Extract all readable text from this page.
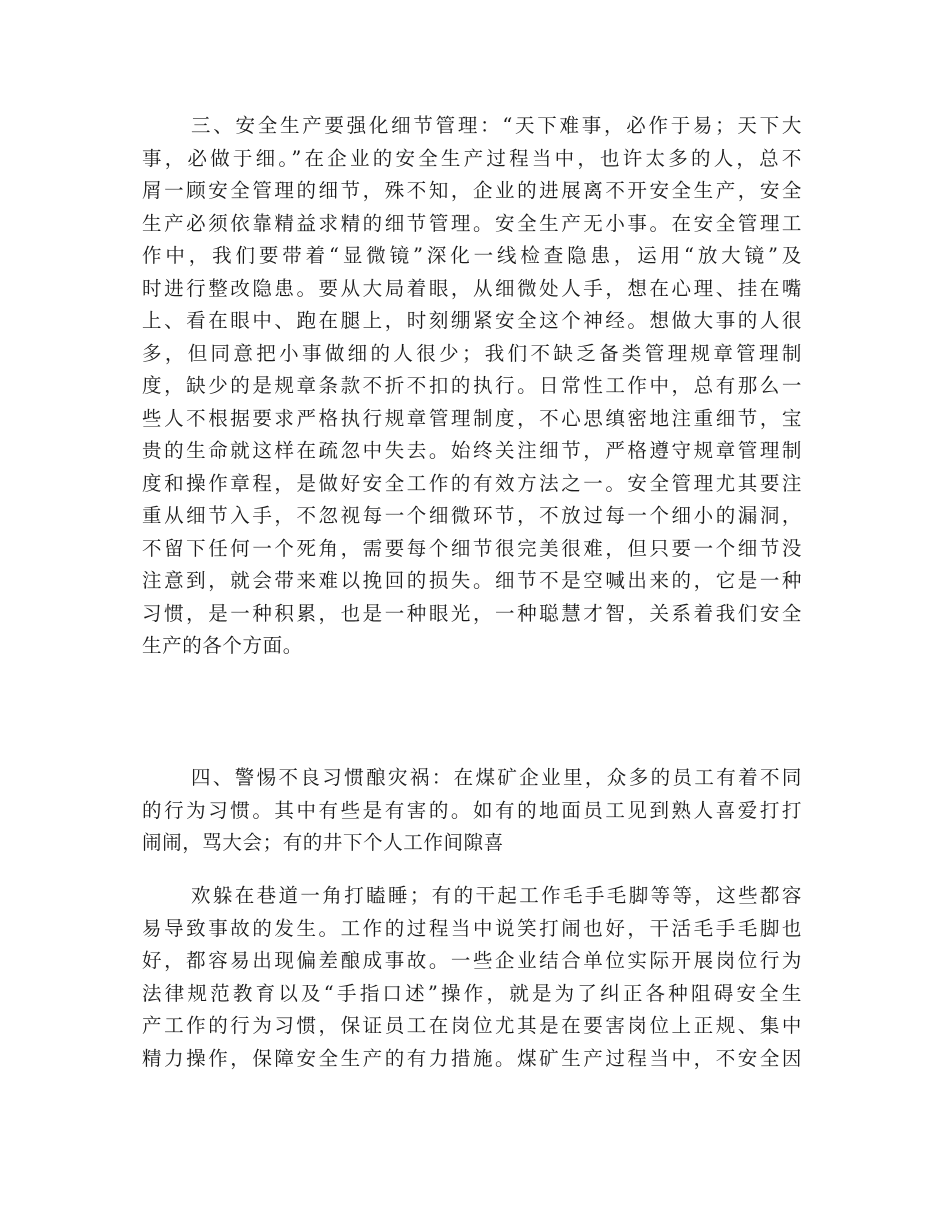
三、安全生产要强化细节管理：“天下难事，必作于易；天下大
事，必做于细。”在企业的安全生产过程当中，也许太多的人，总不
屑一顾安全管理的细节，殊不知，企业的进展离不开安全生产，安全
生产必须依靠精益求精的细节管理。安全生产无小事。在安全管理工
作中，我们要带着“显微镜”深化一线检查隐患，运用“放大镜”及
时进行整改隐患。要从大局着眼，从细微处人手，想在心理、挂在嘴
上、看在眼中、跑在腿上，时刻绷紧安全这个神经。想做大事的人很
多，但同意把小事做细的人很少；我们不缺乏备类管理规章管理制
度，缺少的是规章条款不折不扣的执行。日常性工作中，总有那么一
些人不根据要求严格执行规章管理制度，不心思缜密地注重细节，宝
贵的生命就这样在疏忽中失去。始终关注细节，严格遵守规章管理制
度和操作章程，是做好安全工作的有效方法之一。安全管理尤其要注
重从细节入手，不忽视每一个细微环节，不放过每一个细小的漏洞，
不留下任何一个死角，需要每个细节很完美很难，但只要一个细节没
注意到，就会带来难以挽回的损失。细节不是空喊出来的，它是一种
习惯，是一种积累，也是一种眼光，一种聪慧才智，关系着我们安全
生产的各个方面。
四、警惕不良习惯酿灾祸：在煤矿企业里，众多的员工有着不同
的行为习惯。其中有些是有害的。如有的地面员工见到熟人喜爱打打
闹闹，骂大会；有的井下个人工作间隙喜
欢躲在巷道一角打瞌睡；有的干起工作毛手毛脚等等，这些都容
易导致事故的发生。工作的过程当中说笑打闹也好，干活毛手毛脚也
好，都容易出现偏差酿成事故。一些企业结合单位实际开展岗位行为
法律规范教育以及“手指口述”操作，就是为了纠正各种阻碍安全生
产工作的行为习惯，保证员工在岗位尤其是在要害岗位上正规、集中
精力操作，保障安全生产的有力措施。煤矿生产过程当中，不安全因
